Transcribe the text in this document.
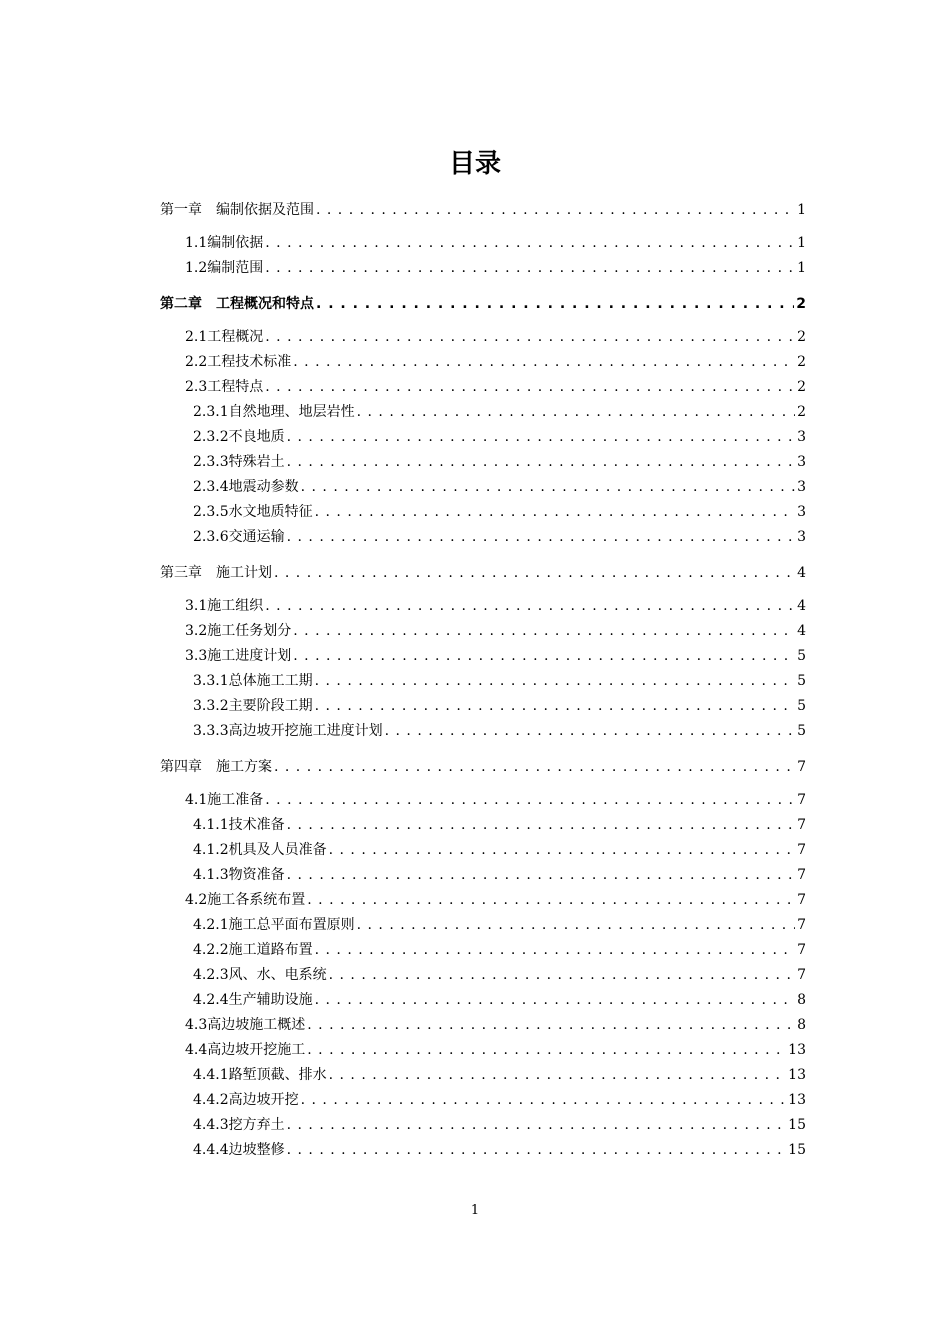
目录
第一章　编制依据及范围 . . .	1
1.1编制依据 . . .	1
1.2编制范围 . . .	1
第二章　工程概况和特点 . . .	2
2.1工程概况 . . .	2
2.2工程技术标准 . . .	2
2.3工程特点 . . .	2
2.3.1自然地理、地层岩性 . . .	2
2.3.2不良地质 . . .	3
2.3.3特殊岩土 . . .	3
2.3.4地震动参数 . . .	3
2.3.5水文地质特征 . . .	3
2.3.6交通运输 . . .	3
第三章　施工计划 . . .	4
3.1施工组织 . . .	4
3.2施工任务划分 . . .	4
3.3施工进度计划 . . .	5
3.3.1总体施工工期 . . .	5
3.3.2主要阶段工期 . . .	5
3.3.3高边坡开挖施工进度计划 . . .	5
第四章　施工方案 . . .	7
4.1施工准备 . . .	7
4.1.1技术准备 . . .	7
4.1.2机具及人员准备 . . .	7
4.1.3物资准备 . . .	7
4.2施工各系统布置 . . .	7
4.2.1施工总平面布置原则 . . .	7
4.2.2施工道路布置 . . .	7
4.2.3风、水、电系统 . . .	7
4.2.4生产辅助设施 . . .	8
4.3高边坡施工概述 . . .	8
4.4高边坡开挖施工 . . .	13
4.4.1路堑顶截、排水 . . .	13
4.4.2高边坡开挖 . . .	13
4.4.3挖方弃土 . . .	15
4.4.4边坡整修 . . .	15
1
